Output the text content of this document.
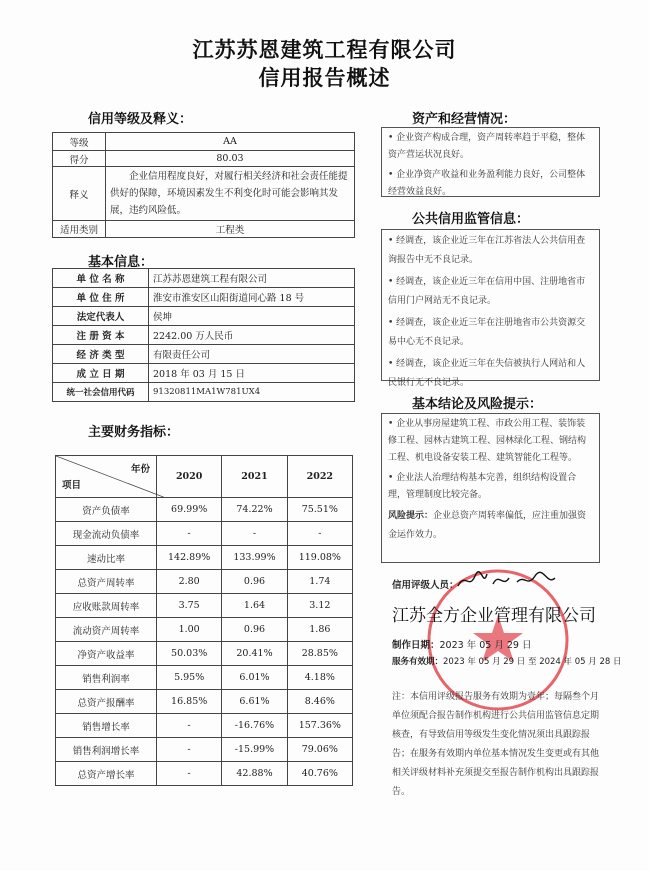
江苏苏恩建筑工程有限公司
信用报告概述
信用等级及释义：
等级	AA
得分	80.03
释义	企业信用程度良好，对履行相关经济和社会责任能提供好的保障，环境因素发生不利变化时可能会影响其发展，违约风险低。
适用类别	工程类
基本信息：
单 位 名 称	江苏苏恩建筑工程有限公司
单 位 住 所	淮安市淮安区山阳街道同心路 18 号
法定代表人	侯坤
注 册 资 本	2242.00 万人民币
经 济 类 型	有限责任公司
成 立 日 期	2018 年 03 月 15 日
统一社会信用代码	91320811MA1W781UX4
主要财务指标：
年份
项目	2020	2021	2022
资产负债率	69.99%	74.22%	75.51%
现金流动负债率	-	-	-
速动比率	142.89%	133.99%	119.08%
总资产周转率	2.80	0.96	1.74
应收账款周转率	3.75	1.64	3.12
流动资产周转率	1.00	0.96	1.86
净资产收益率	50.03%	20.41%	28.85%
销售利润率	5.95%	6.01%	4.18%
总资产报酬率	16.85%	6.61%	8.46%
销售增长率	-	-16.76%	157.36%
销售利润增长率	-	-15.99%	79.06%
总资产增长率	-	42.88%	40.76%
资产和经营情况：

• 企业资产构成合理，资产周转率趋于平稳，整体资产营运状况良好。

• 企业净资产收益和业务盈利能力良好，公司整体经营效益良好。

公共信用监管信息：

• 经调查，该企业近三年在江苏省法人公共信用查询报告中无不良记录。

• 经调查，该企业近三年在信用中国、注册地省市信用门户网站无不良记录。

• 经调查，该企业近三年在注册地省市公共资源交易中心无不良记录。

• 经调查，该企业近三年在失信被执行人网站和人民银行无不良记录。

基本结论及风险提示：

• 企业从事房屋建筑工程、市政公用工程、装饰装修工程、园林古建筑工程、园林绿化工程、钢结构工程、机电设备安装工程、建筑智能化工程等。

• 企业法人治理结构基本完善，组织结构设置合理，管理制度比较完备。

风险提示：企业总资产周转率偏低，应注重加强资金运作效力。

信用评级人员：
江苏全方企业管理有限公司
制作日期：2023 年 05 月 29 日
服务有效期：2023 年 05 月 29 日 至 2024 年 05 月 28 日
注：本信用评级报告服务有效期为壹年；每隔叁个月单位须配合报告制作机构进行公共信用监管信息定期核查，有导致信用等级发生变化情况须出具跟踪报告；在服务有效期内单位基本情况发生变更或有其他相关评级材料补充须提交至报告制作机构出具跟踪报告。
